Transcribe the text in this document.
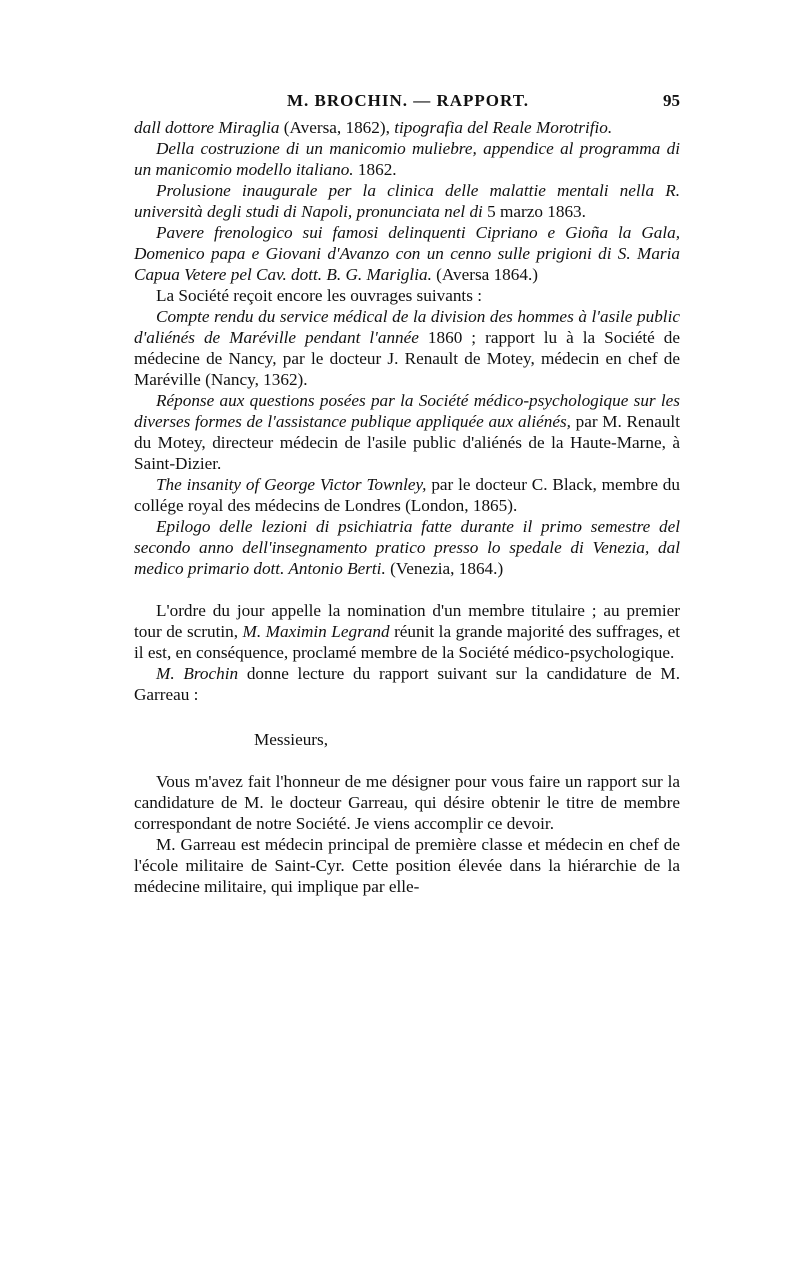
M. BROCHIN. — RAPPORT.	95

dall dottore Miraglia (Aversa, 1862), tipografia del Reale Morotrifio.

Della costruzione di un manicomio muliebre, appendice al programma di un manicomio modello italiano. 1862.

Prolusione inaugurale per la clinica delle malattie mentali nella R. università degli studi di Napoli, pronunciata nel di 5 marzo 1863.

Pavere frenologico sui famosi delinquenti Cipriano e Gioña la Gala, Domenico papa e Giovani d'Avanzo con un cenno sulle prigioni di S. Maria Capua Vetere pel Cav. dott. B. G. Mariglia. (Aversa 1864.)

La Société reçoit encore les ouvrages suivants :

Compte rendu du service médical de la division des hommes à l'asile public d'aliénés de Maréville pendant l'année 1860 ; rapport lu à la Société de médecine de Nancy, par le docteur J. Renault de Motey, médecin en chef de Maréville (Nancy, 1362).

Réponse aux questions posées par la Société médico-psychologique sur les diverses formes de l'assistance publique appliquée aux aliénés, par M. Renault du Motey, directeur médecin de l'asile public d'aliénés de la Haute-Marne, à Saint-Dizier.

The insanity of George Victor Townley, par le docteur C. Black, membre du collége royal des médecins de Londres (London, 1865).

Epilogo delle lezioni di psichiatria fatte durante il primo semestre del secondo anno dell'insegnamento pratico presso lo spedale di Venezia, dal medico primario dott. Antonio Berti. (Venezia, 1864.)

L'ordre du jour appelle la nomination d'un membre titulaire ; au premier tour de scrutin, M. Maximin Legrand réunit la grande majorité des suffrages, et il est, en conséquence, proclamé membre de la Société médico-psychologique.

M. Brochin donne lecture du rapport suivant sur la candidature de M. Garreau :

Messieurs,

Vous m'avez fait l'honneur de me désigner pour vous faire un rapport sur la candidature de M. le docteur Garreau, qui désire obtenir le titre de membre correspondant de notre Société. Je viens accomplir ce devoir.

M. Garreau est médecin principal de première classe et médecin en chef de l'école militaire de Saint-Cyr. Cette position élevée dans la hiérarchie de la médecine militaire, qui implique par elle-
